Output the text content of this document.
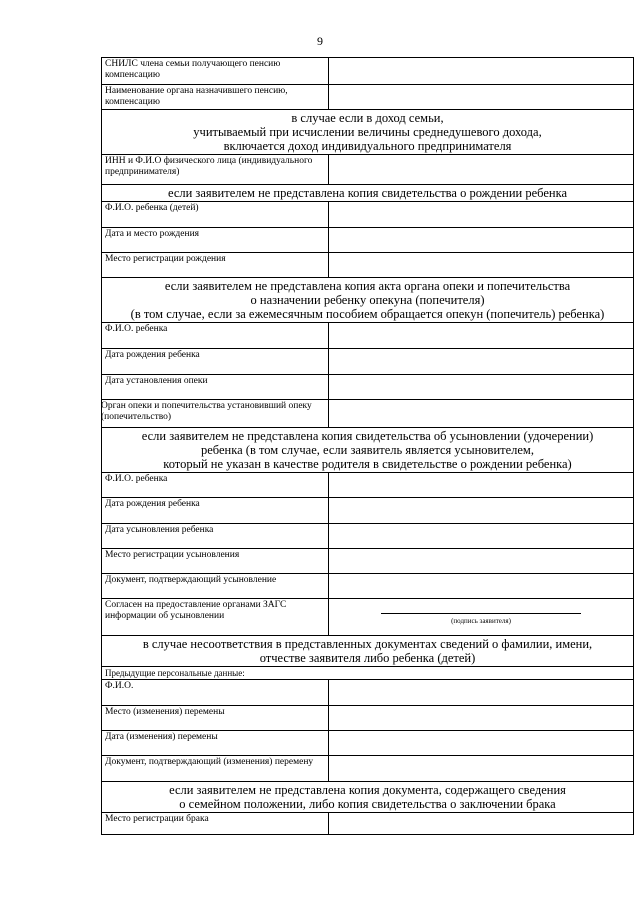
9
СНИЛС члена семьи получающего пенсию компенсацию	
Наименование органа назначившего пенсию, компенсацию	

в случае если в доход семьи,
учитываемый при исчислении величины среднедушевого дохода,
включается доход индивидуального предпринимателя	

ИНН и Ф.И.О физического лица (индивидуального предпринимателя)	

если заявителем не представлена копия свидетельства о рождении ребенка	

Ф.И.О. ребенка (детей)	
Дата и место рождения	
Место регистрации рождения	

если заявителем не представлена копия акта органа опеки и попечительства
о назначении ребенку опекуна (попечителя)
(в том случае, если за ежемесячным пособием обращается опекун (попечитель) ребенка)	

Ф.И.О. ребенка	
Дата рождения ребенка	
Дата установления опеки	
Орган опеки и попечительства установивший опеку (попечительство)	

если заявителем не представлена копия свидетельства об усыновлении (удочерении)
ребенка (в том случае, если заявитель является усыновителем,
который не указан в качестве родителя в свидетельстве о рождении ребенка)	

Ф.И.О. ребенка	
Дата рождения ребенка	
Дата усыновления ребенка	
Место регистрации усыновления	
Документ, подтверждающий усыновление	
Согласен на предоставление органами ЗАГС информации об усыновлении	(подпись заявителя)

в случае несоответствия в представленных документах сведений о фамилии, имени,
отчестве заявителя либо ребенка (детей)	

Предыдущие персональные данные:	
Ф.И.О.	
Место (изменения) перемены	
Дата (изменения) перемены	
Документ, подтверждающий (изменения) перемену	

если заявителем не представлена копия документа, содержащего сведения
о семейном положении, либо копия свидетельства о заключении брака	

Место регистрации брака	
